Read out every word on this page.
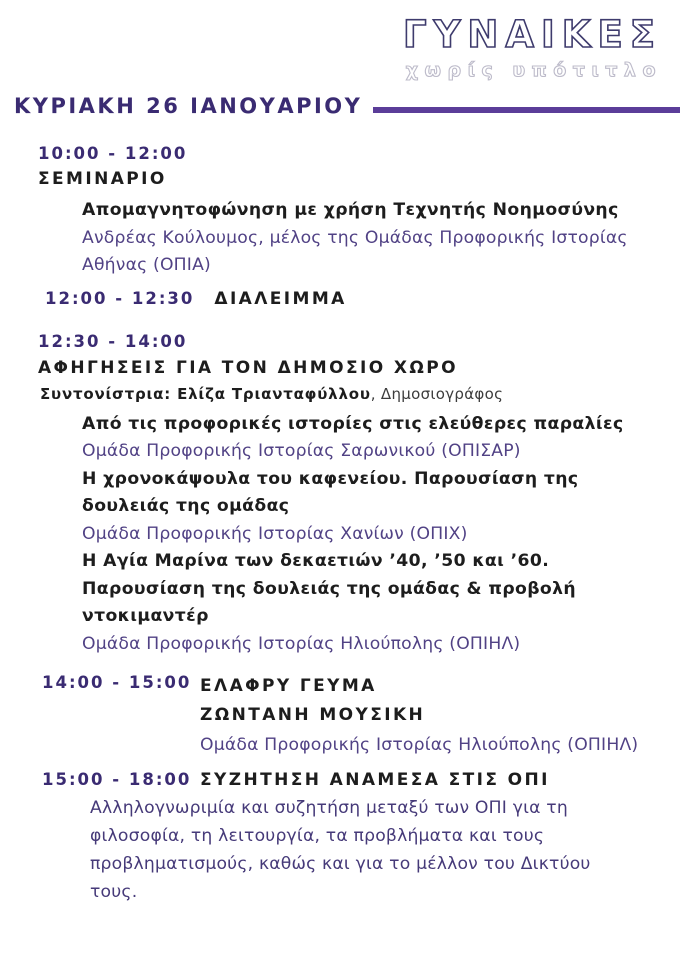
ΓΥΝΑΙΚΕΣ
χωρίς υπότιτλο
ΚΥΡΙΑΚΗ 26 ΙΑΝΟΥΑΡΙΟΥ
10:00 - 12:00
ΣΕΜΙΝΑΡΙΟ
Απομαγνητοφώνηση με χρήση Τεχνητής Νοημοσύνης
Ανδρέας Κούλουμος, μέλος της Ομάδας Προφορικής Ιστορίας Αθήνας (ΟΠΙΑ)
12:00 - 12:30 ΔΙΑΛΕΙΜΜΑ
12:30 - 14:00
ΑΦΗΓΗΣΕΙΣ ΓΙΑ ΤΟΝ ΔΗΜΟΣΙΟ ΧΩΡΟ
Συντονίστρια: Ελίζα Τριανταφύλλου, Δημοσιογράφος
Από τις προφορικές ιστορίες στις ελεύθερες παραλίες
Ομάδα Προφορικής Ιστορίας Σαρωνικού (ΟΠΙΣΑΡ)
Η χρονοκάψουλα του καφενείου. Παρουσίαση της δουλειάς της ομάδας
Ομάδα Προφορικής Ιστορίας Χανίων (ΟΠΙΧ)
Η Αγία Μαρίνα των δεκαετιών ’40, ’50 και ’60. Παρουσίαση της δουλειάς της ομάδας & προβολή ντοκιμαντέρ
Ομάδα Προφορικής Ιστορίας Ηλιούπολης (ΟΠΙΗΛ)
14:00 - 15:00 ΕΛΑΦΡΥ ΓΕΥΜΑ
ΖΩΝΤΑΝΗ ΜΟΥΣΙΚΗ
Ομάδα Προφορικής Ιστορίας Ηλιούπολης (ΟΠΙΗΛ)
15:00 - 18:00 ΣΥΖΗΤΗΣΗ ΑΝΑΜΕΣΑ ΣΤΙΣ ΟΠΙ

Αλληλογνωριμία και συζητήση μεταξύ των ΟΠΙ για τη φιλοσοφία, τη λειτουργία, τα προβλήματα και τους προβληματισμούς, καθώς και για το μέλλον του Δικτύου τους.
